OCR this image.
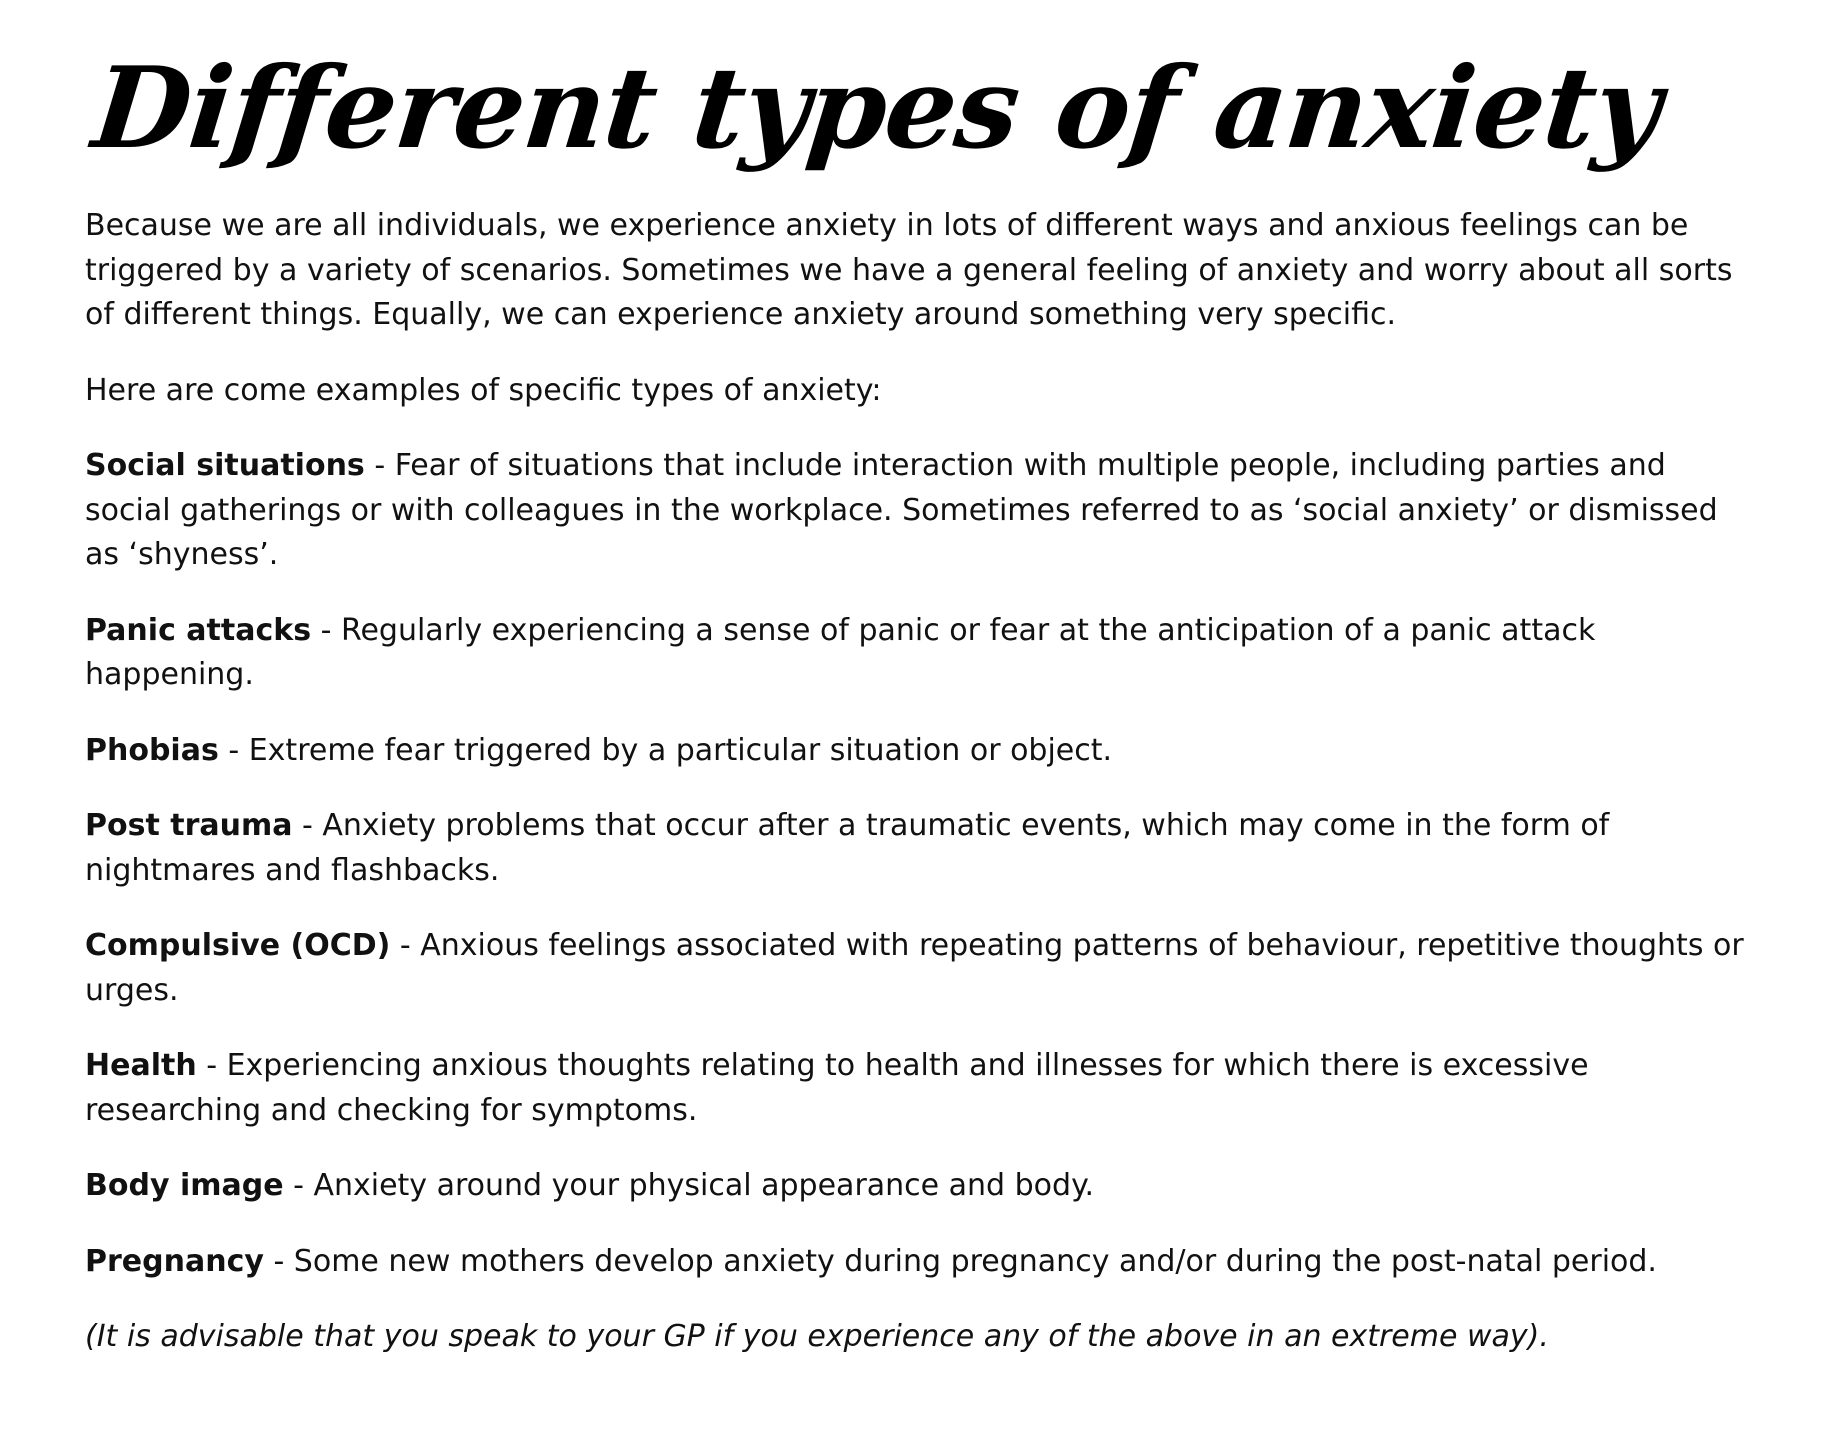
Different types of anxiety

Because we are all individuals, we experience anxiety in lots of different ways and anxious feelings can be triggered by a variety of scenarios. Sometimes we have a general feeling of anxiety and worry about all sorts of different things. Equally, we can experience anxiety around something very specific.

Here are come examples of specific types of anxiety:

Social situations - Fear of situations that include interaction with multiple people, including parties and social gatherings or with colleagues in the workplace. Sometimes referred to as ‘social anxiety’ or dismissed as ‘shyness’.

Panic attacks - Regularly experiencing a sense of panic or fear at the anticipation of a panic attack happening.

Phobias - Extreme fear triggered by a particular situation or object.

Post trauma - Anxiety problems that occur after a traumatic events, which may come in the form of nightmares and flashbacks.

Compulsive (OCD) - Anxious feelings associated with repeating patterns of behaviour, repetitive thoughts or urges.

Health - Experiencing anxious thoughts relating to health and illnesses for which there is excessive researching and checking for symptoms.

Body image - Anxiety around your physical appearance and body.

Pregnancy - Some new mothers develop anxiety during pregnancy and/or during the post-natal period.

(It is advisable that you speak to your GP if you experience any of the above in an extreme way).
